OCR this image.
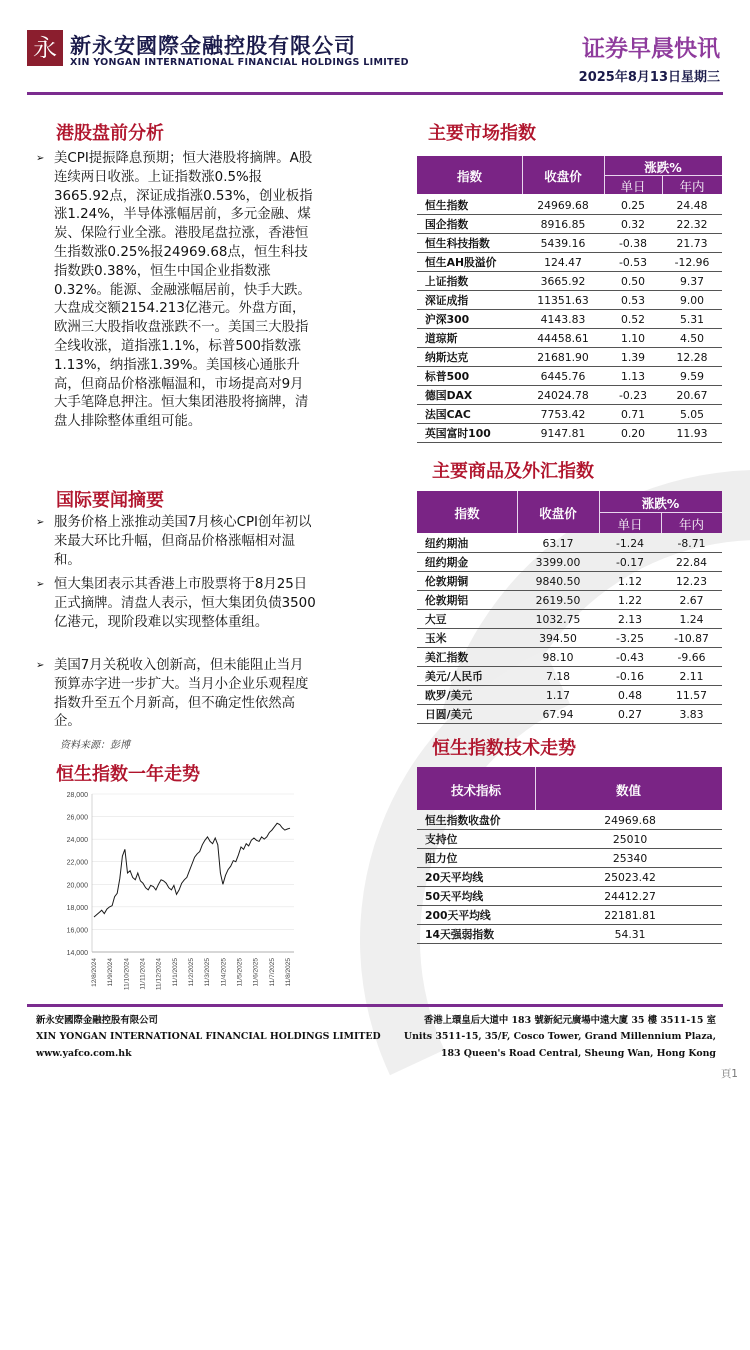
永 新永安國際金融控股有限公司
XIN YONGAN INTERNATIONAL FINANCIAL HOLDINGS LIMITED
证券早晨快讯
2025年8月13日星期三
港股盘前分析
➢ 美CPI提振降息预期；恒大港股将摘牌。A股连续两日收涨。上证指数涨0.5%报3665.92点，深证成指涨0.53%，创业板指涨1.24%，半导体涨幅居前，多元金融、煤炭、保险行业全涨。港股尾盘拉涨，香港恒生指数涨0.25%报24969.68点，恒生科技指数跌0.38%，恒生中国企业指数涨0.32%。能源、金融涨幅居前，快手大跌。大盘成交额2154.213亿港元。外盘方面，欧洲三大股指收盘涨跌不一。美国三大股指全线收涨，道指涨1.1%，标普500指数涨1.13%，纳指涨1.39%。美国核心通胀升高，但商品价格涨幅温和，市场提高对9月大手笔降息押注。恒大集团港股将摘牌，清盘人排除整体重组可能。
国际要闻摘要
➢ 服务价格上涨推动美国7月核心CPI创年初以来最大环比升幅，但商品价格涨幅相对温和。
➢ 恒大集团表示其香港上市股票将于8月25日正式摘牌。清盘人表示，恒大集团负债3500亿港元，现阶段难以实现整体重组。
➢ 美国7月关税收入创新高，但未能阻止当月预算赤字进一步扩大。当月小企业乐观程度指数升至五个月新高，但不确定性依然高企。
资料来源：彭博
恒生指数一年走势
14,000
16,000
18,000
20,000
22,000
24,000
26,000
28,000
12/8/2024 11/9/2024 11/10/2024 11/11/2024 11/12/2024 11/1/2025 11/2/2025 11/3/2025 11/4/2025 11/5/2025 11/6/2025 11/7/2025 11/8/2025
主要市场指数
指数	收盘价
涨跌%
单日	年内
恒生指数	24969.68	0.25	24.48
国企指数	8916.85	0.32	22.32
恒生科技指数	5439.16	-0.38	21.73
恒生AH股溢价	124.47	-0.53	-12.96
上证指数	3665.92	0.50	9.37
深证成指	11351.63	0.53	9.00
沪深300	4143.83	0.52	5.31
道琼斯	44458.61	1.10	4.50
纳斯达克	21681.90	1.39	12.28
标普500	6445.76	1.13	9.59
德国DAX	24024.78	-0.23	20.67
法国CAC	7753.42	0.71	5.05
英国富时100	9147.81	0.20	11.93
主要商品及外汇指数
指数	收盘价
涨跌%
单日	年内
纽约期油	63.17	-1.24	-8.71
纽约期金	3399.00	-0.17	22.84
伦敦期铜	9840.50	1.12	12.23
伦敦期铝	2619.50	1.22	2.67
大豆	1032.75	2.13	1.24
玉米	394.50	-3.25	-10.87
美汇指数	98.10	-0.43	-9.66
美元/人民币	7.18	-0.16	2.11
欧罗/美元	1.17	0.48	11.57
日圆/美元	67.94	0.27	3.83
恒生指数技术走势
技术指标	数值
恒生指数收盘价	24969.68
支持位	25010
阻力位	25340
20天平均线	25023.42
50天平均线	24412.27
200天平均线	22181.81
14天强弱指数	54.31
新永安國際金融控股有限公司
XIN YONGAN INTERNATIONAL FINANCIAL HOLDINGS LIMITED
www.yafco.com.hk
香港上環皇后大道中 183 號新紀元廣場中遠大廈 35 樓 3511-15 室
Units 3511-15, 35/F, Cosco Tower, Grand Millennium Plaza,
183 Queen's Road Central, Sheung Wan, Hong Kong
頁1
